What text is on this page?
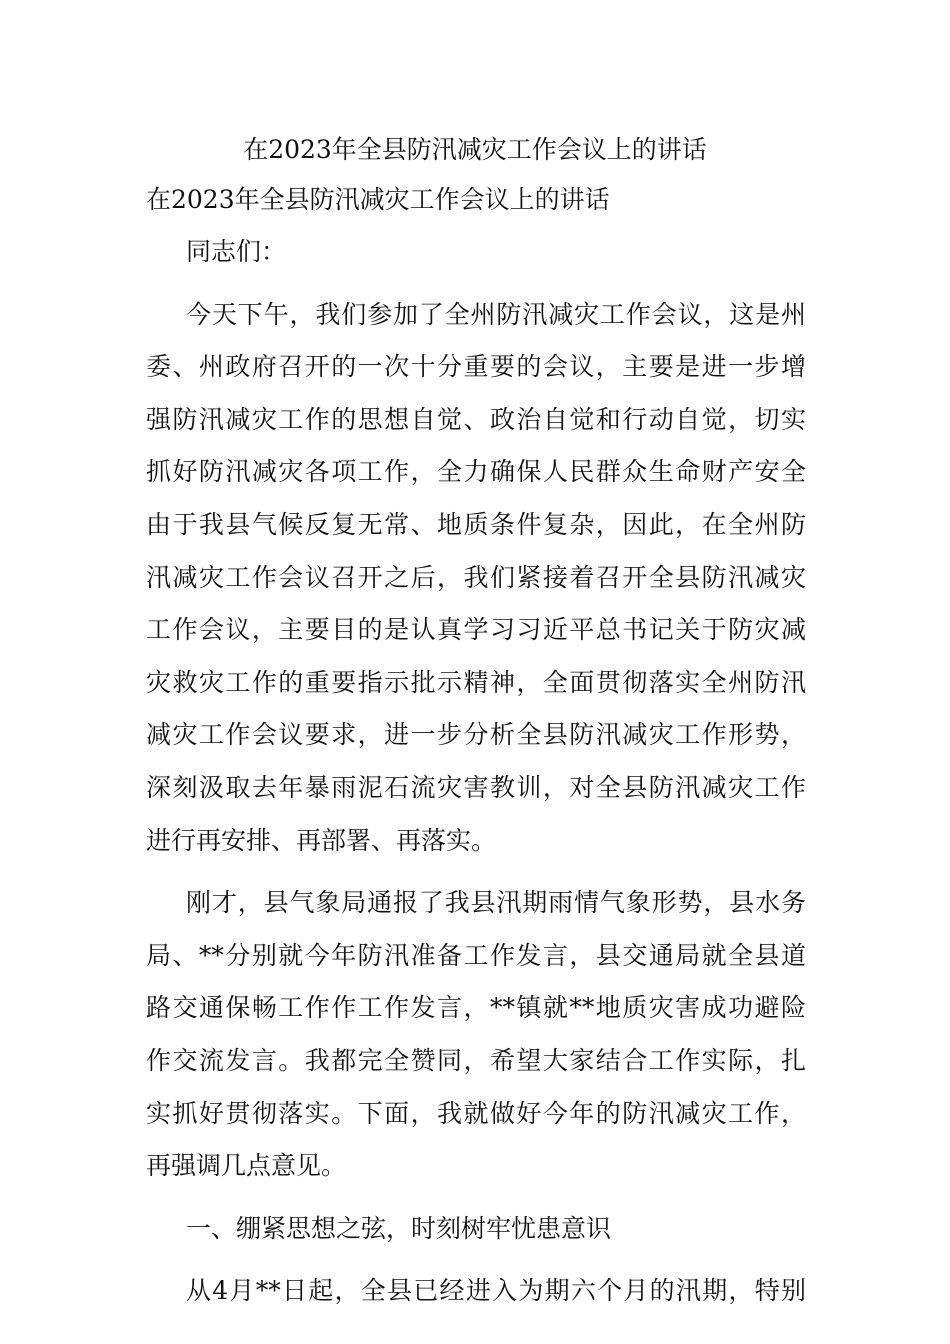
在2023年全县防汛减灾工作会议上的讲话
在2023年全县防汛减灾工作会议上的讲话
同志们：
今天下午，我们参加了全州防汛减灾工作会议，这是州
委、州政府召开的一次十分重要的会议，主要是进一步增
强防汛减灾工作的思想自觉、政治自觉和行动自觉，切实
抓好防汛减灾各项工作，全力确保人民群众生命财产安全
由于我县气候反复无常、地质条件复杂，因此，在全州防
汛减灾工作会议召开之后，我们紧接着召开全县防汛减灾
工作会议，主要目的是认真学习习近平总书记关于防灾减
灾救灾工作的重要指示批示精神，全面贯彻落实全州防汛
减灾工作会议要求，进一步分析全县防汛减灾工作形势，
深刻汲取去年暴雨泥石流灾害教训，对全县防汛减灾工作
进行再安排、再部署、再落实。
刚才，县气象局通报了我县汛期雨情气象形势，县水务
局、**分别就今年防汛准备工作发言，县交通局就全县道
路交通保畅工作作工作发言，**镇就**地质灾害成功避险
作交流发言。我都完全赞同，希望大家结合工作实际，扎
实抓好贯彻落实。下面，我就做好今年的防汛减灾工作，
再强调几点意见。
一、绷紧思想之弦，时刻树牢忧患意识
从4月**日起，全县已经进入为期六个月的汛期，特别
